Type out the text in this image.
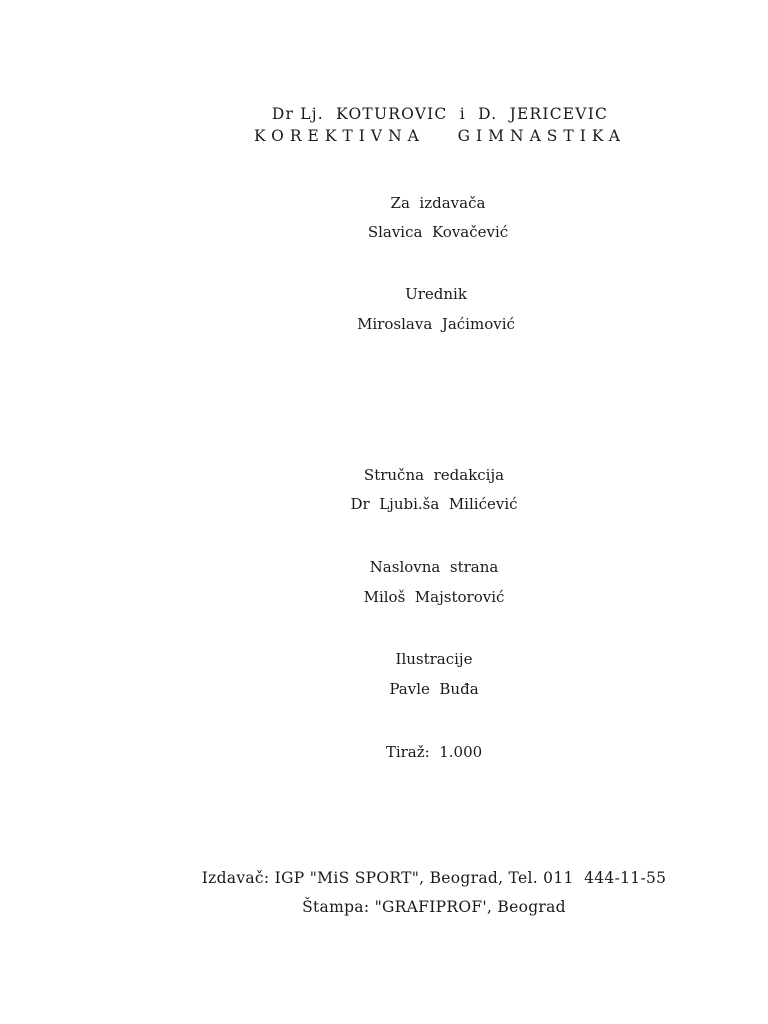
Dr Lj.  KOTUROVIC  i  D.  JERICEVIC
KOREKTIVNA   GIMNASTIKA
Za  izdavača
Slavica  Kovačević
Urednik
Miroslava  Jaćimović
Stručna  redakcija
Dr  Ljubi.ša  Milićević
Naslovna  strana
Miloš  Majstorović
Ilustracije
Pavle  Buđa
Tiraž:  1.000
Izdavač: IGP "MiS SPORT", Beograd, Tel. 011  444-11-55
Štampa: "GRAFIPROF', Beograd
